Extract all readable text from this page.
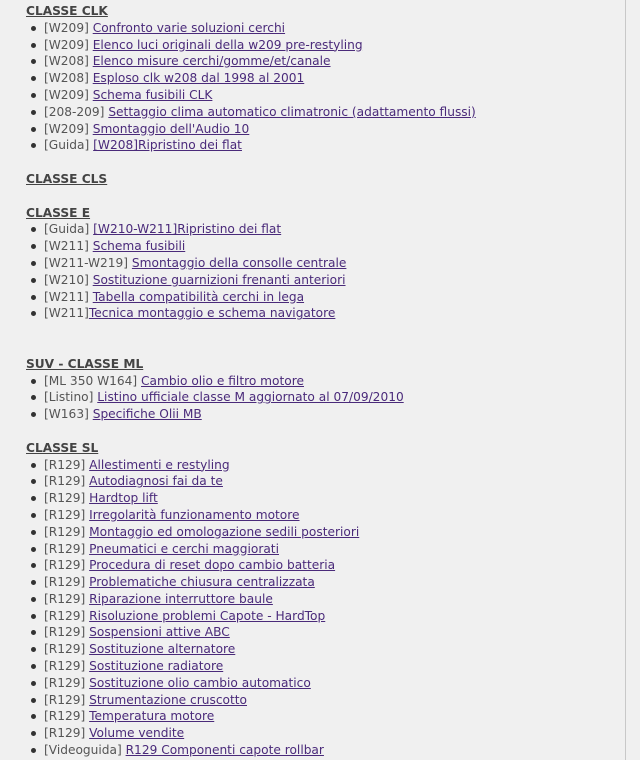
CLASSE CLK
[W209] Confronto varie soluzioni cerchi
[W209] Elenco luci originali della w209 pre-restyling
[W208] Elenco misure cerchi/gomme/et/canale
[W208] Esploso clk w208 dal 1998 al 2001
[W209] Schema fusibili CLK
[208-209] Settaggio clima automatico climatronic (adattamento flussi)
[W209] Smontaggio dell'Audio 10
[Guida] [W208]Ripristino dei flat
CLASSE CLS
CLASSE E
[Guida] [W210-W211]Ripristino dei flat
[W211] Schema fusibili
[W211-W219] Smontaggio della consolle centrale
[W210] Sostituzione guarnizioni frenanti anteriori
[W211] Tabella compatibilità cerchi in lega
[W211]Tecnica montaggio e schema navigatore
SUV - CLASSE ML
[ML 350 W164] Cambio olio e filtro motore
[Listino] Listino ufficiale classe M aggiornato al 07/09/2010
[W163] Specifiche Olii MB
CLASSE SL
[R129] Allestimenti e restyling
[R129] Autodiagnosi fai da te
[R129] Hardtop lift
[R129] Irregolarità funzionamento motore
[R129] Montaggio ed omologazione sedili posteriori
[R129] Pneumatici e cerchi maggiorati
[R129] Procedura di reset dopo cambio batteria
[R129] Problematiche chiusura centralizzata
[R129] Riparazione interruttore baule
[R129] Risoluzione problemi Capote - HardTop
[R129] Sospensioni attive ABC
[R129] Sostituzione alternatore
[R129] Sostituzione radiatore
[R129] Sostituzione olio cambio automatico
[R129] Strumentazione cruscotto
[R129] Temperatura motore
[R129] Volume vendite
[Videoguida] R129 Componenti capote rollbar
